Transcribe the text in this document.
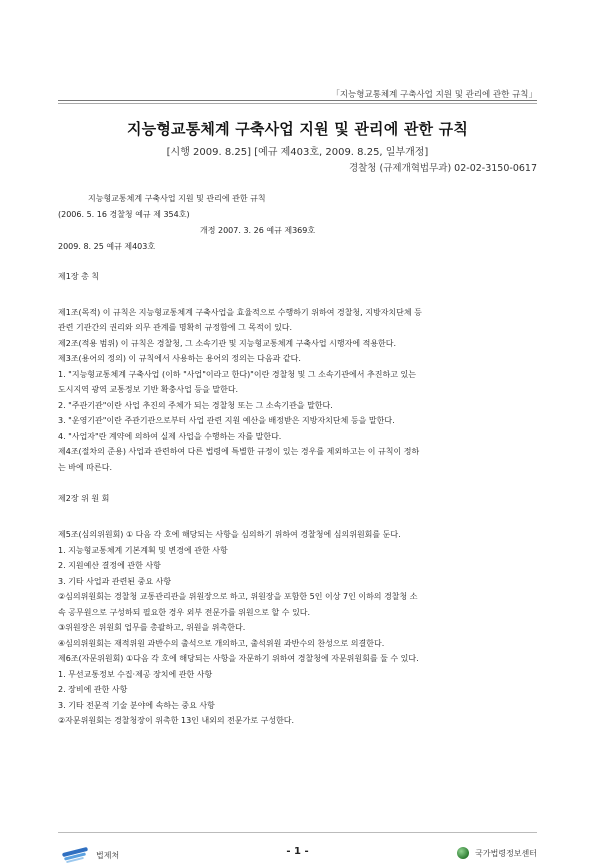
「지능형교통체계 구축사업 지원 및 관리에 관한 규칙」
지능형교통체계 구축사업 지원 및 관리에 관한 규칙
[시행 2009. 8.25] [예규 제403호, 2009. 8.25, 일부개정]
경찰청 (규제개혁법무과) 02-02-3150-0617
지능형교통체계 구축사업 지원 및 관리에 관한 규칙
(2006. 5. 16 경찰청 예규 제 354호)
개정 2007. 3. 26 예규 제369호
2009. 8. 25 예규 제403호
제1장 총 칙
제1조(목적) 이 규칙은 지능형교통체계 구축사업을 효율적으로 수행하기 위하여 경찰청, 지방자치단체 등
관련 기관간의 권리와 의무 관계를 명확히 규정함에 그 목적이 있다.
제2조(적용 범위) 이 규칙은 경찰청, 그 소속기관 및 지능형교통체계 구축사업 시행자에 적용한다.
제3조(용어의 정의) 이 규칙에서 사용하는 용어의 정의는 다음과 같다.
1. "지능형교통체계 구축사업 (이하 "사업"이라고 한다)"이란 경찰청 및 그 소속기관에서 추진하고 있는
도시지역 광역 교통정보 기반 확충사업 등을 말한다.
2. "주관기관"이란 사업 추진의 주체가 되는 경찰청 또는 그 소속기관을 말한다.
3. "운영기관"이란 주관기관으로부터 사업 관련 지원 예산을 배정받은 지방자치단체 등을 말한다.
4. "사업자"란 계약에 의하여 실제 사업을 수행하는 자를 말한다.
제4조(절차의 준용) 사업과 관련하여 다른 법령에 특별한 규정이 있는 경우를 제외하고는 이 규칙이 정하
는 바에 따른다.
제2장 위 원 회
제5조(심의위원회) ① 다음 각 호에 해당되는 사항을 심의하기 위하여 경찰청에 심의위원회를 둔다.
1. 지능형교통체계 기본계획 및 변경에 관한 사항
2. 지원예산 결정에 관한 사항
3. 기타 사업과 관련된 중요 사항
②심의위원회는 경찰청 교통관리관을 위원장으로 하고, 위원장을 포함한 5인 이상 7인 이하의 경찰청 소
속 공무원으로 구성하되 필요한 경우 외부 전문가를 위원으로 할 수 있다.
③위원장은 위원회 업무를 총괄하고, 위원을 위촉한다.
④심의위원회는 재적위원 과반수의 출석으로 개의하고, 출석위원 과반수의 찬성으로 의결한다.
제6조(자문위원회) ①다음 각 호에 해당되는 사항을 자문하기 위하여 경찰청에 자문위원회를 둘 수 있다.
1. 무선교통정보 수집·제공 장치에 관한 사항
2. 장비에 관한 사항
3. 기타 전문적 기술 분야에 속하는 중요 사항
②자문위원회는 경찰청장이 위촉한 13인 내외의 전문가로 구성한다.
법제처	- 1 -	국가법령정보센터
